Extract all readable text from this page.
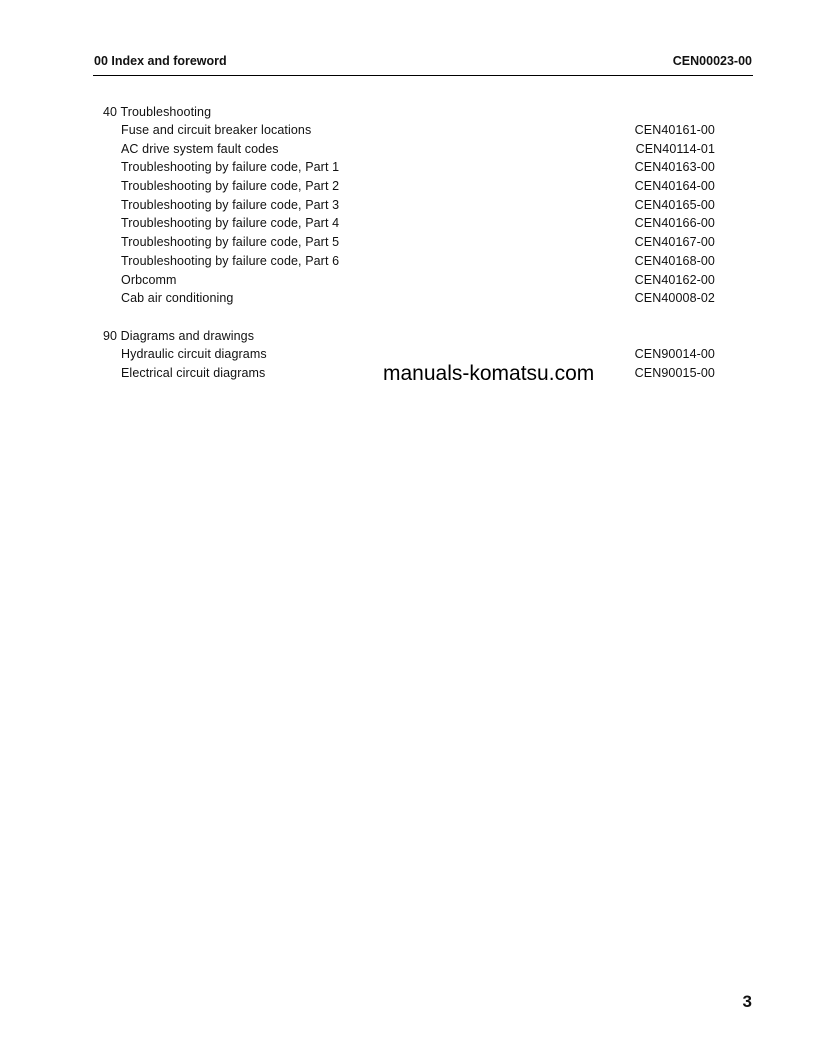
00 Index and foreword	CEN00023-00
40 Troubleshooting
Fuse and circuit breaker locations	CEN40161-00
AC drive system fault codes	CEN40114-01
Troubleshooting by failure code, Part 1	CEN40163-00
Troubleshooting by failure code, Part 2	CEN40164-00
Troubleshooting by failure code, Part 3	CEN40165-00
Troubleshooting by failure code, Part 4	CEN40166-00
Troubleshooting by failure code, Part 5	CEN40167-00
Troubleshooting by failure code, Part 6	CEN40168-00
Orbcomm	CEN40162-00
Cab air conditioning	CEN40008-02
90 Diagrams and drawings
Hydraulic circuit diagrams	CEN90014-00
Electrical circuit diagrams	CEN90015-00
manuals-komatsu.com
3
